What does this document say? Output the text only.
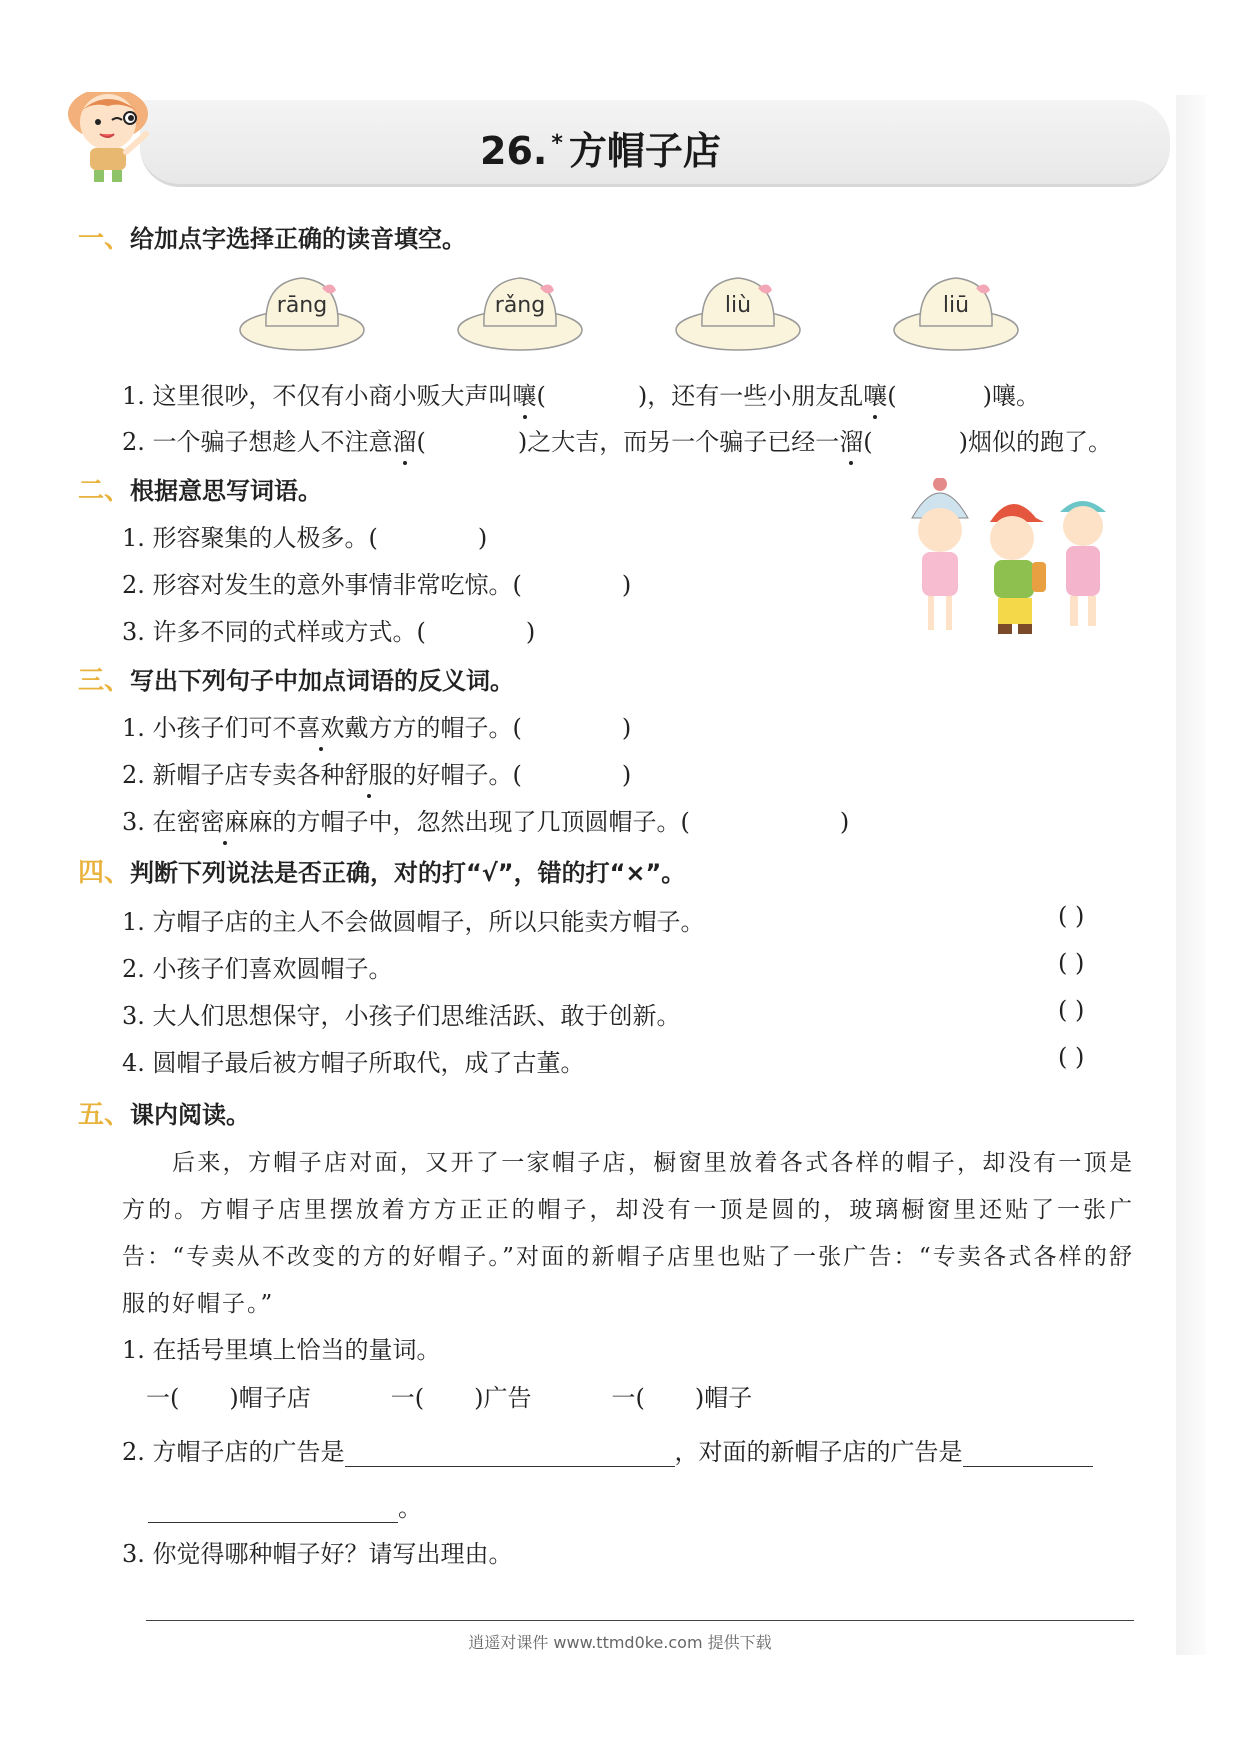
26. * 方帽子店
一、给加点字选择正确的读音填空。
rāng	rǎng	liù	liū
1. 这里很吵，不仅有小商小贩大声叫嚷(	)，还有一些小朋友乱嚷(	)嚷。
2. 一个骗子想趁人不注意溜(	)之大吉，而另一个骗子已经一溜(	)烟似的跑了。
二、根据意思写词语。
1. 形容聚集的人极多。(	)
2. 形容对发生的意外事情非常吃惊。(	)
3. 许多不同的式样或方式。(	)
三、写出下列句子中加点词语的反义词。
1. 小孩子们可不喜欢戴方方的帽子。(	)
2. 新帽子店专卖各种舒服的好帽子。(	)
3. 在密密麻麻的方帽子中，忽然出现了几顶圆帽子。(	)
四、判断下列说法是否正确，对的打“√”，错的打“×”。
1. 方帽子店的主人不会做圆帽子，所以只能卖方帽子。	( )
2. 小孩子们喜欢圆帽子。	( )
3. 大人们思想保守，小孩子们思维活跃、敢于创新。	( )
4. 圆帽子最后被方帽子所取代，成了古董。	( )
五、课内阅读。

后来，方帽子店对面，又开了一家帽子店，橱窗里放着各式各样的帽子，却没有一顶是方的。方帽子店里摆放着方方正正的帽子，却没有一顶是圆的，玻璃橱窗里还贴了一张广告：“专卖从不改变的方的好帽子。”对面的新帽子店里也贴了一张广告：“专卖各式各样的舒服的好帽子。”

1. 在括号里填上恰当的量词。
一( )帽子店	一( )广告	一( )帽子
2. 方帽子店的广告是	，对面的新帽子店的广告是
。
3. 你觉得哪种帽子好？请写出理由。
逍遥对课件 www.ttmd0ke.com 提供下载
